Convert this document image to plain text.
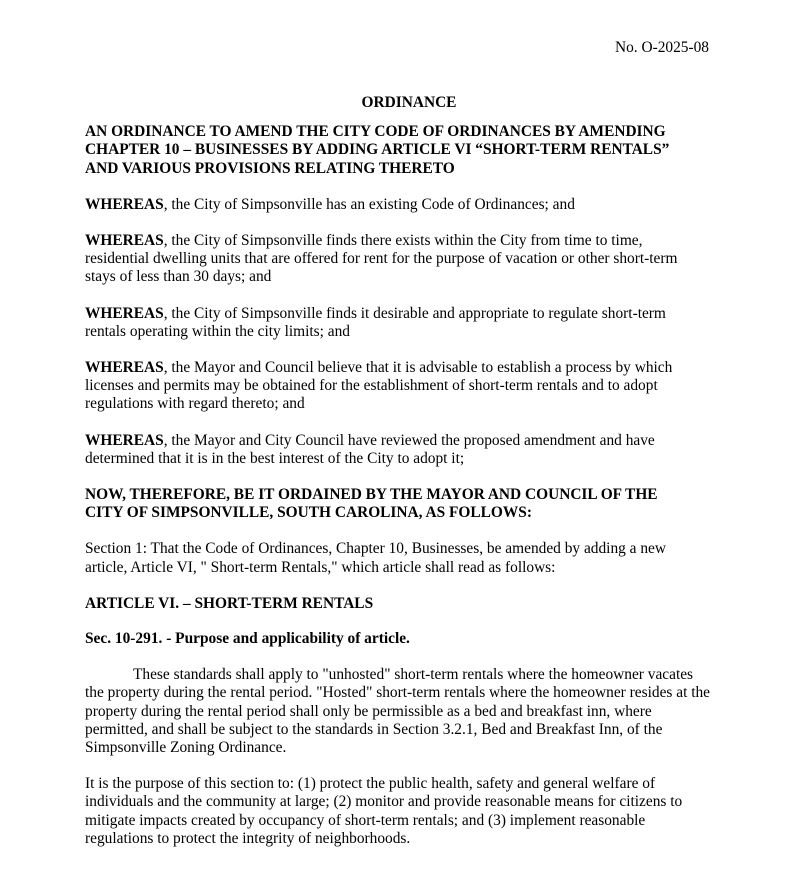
No. O-2025-08
ORDINANCE
AN ORDINANCE TO AMEND THE CITY CODE OF ORDINANCES BY AMENDING
CHAPTER 10 – BUSINESSES BY ADDING ARTICLE VI “SHORT-TERM RENTALS”
AND VARIOUS PROVISIONS RELATING THERETO

WHEREAS, the City of Simpsonville has an existing Code of Ordinances; and

WHEREAS, the City of Simpsonville finds there exists within the City from time to time, residential dwelling units that are offered for rent for the purpose of vacation or other short-term stays of less than 30 days; and

WHEREAS, the City of Simpsonville finds it desirable and appropriate to regulate short-term rentals operating within the city limits; and

WHEREAS, the Mayor and Council believe that it is advisable to establish a process by which licenses and permits may be obtained for the establishment of short-term rentals and to adopt regulations with regard thereto; and

WHEREAS, the Mayor and City Council have reviewed the proposed amendment and have determined that it is in the best interest of the City to adopt it;

NOW, THEREFORE, BE IT ORDAINED BY THE MAYOR AND COUNCIL OF THE
CITY OF SIMPSONVILLE, SOUTH CAROLINA, AS FOLLOWS:

Section 1: That the Code of Ordinances, Chapter 10, Businesses, be amended by adding a new article, Article VI, " Short-term Rentals," which article shall read as follows:

ARTICLE VI. – SHORT-TERM RENTALS
Sec. 10-291. - Purpose and applicability of article.

These standards shall apply to "unhosted" short-term rentals where the homeowner vacates the property during the rental period. "Hosted" short-term rentals where the homeowner resides at the property during the rental period shall only be permissible as a bed and breakfast inn, where permitted, and shall be subject to the standards in Section 3.2.1, Bed and Breakfast Inn, of the Simpsonville Zoning Ordinance.

It is the purpose of this section to: (1) protect the public health, safety and general welfare of individuals and the community at large; (2) monitor and provide reasonable means for citizens to mitigate impacts created by occupancy of short-term rentals; and (3) implement reasonable regulations to protect the integrity of neighborhoods.
